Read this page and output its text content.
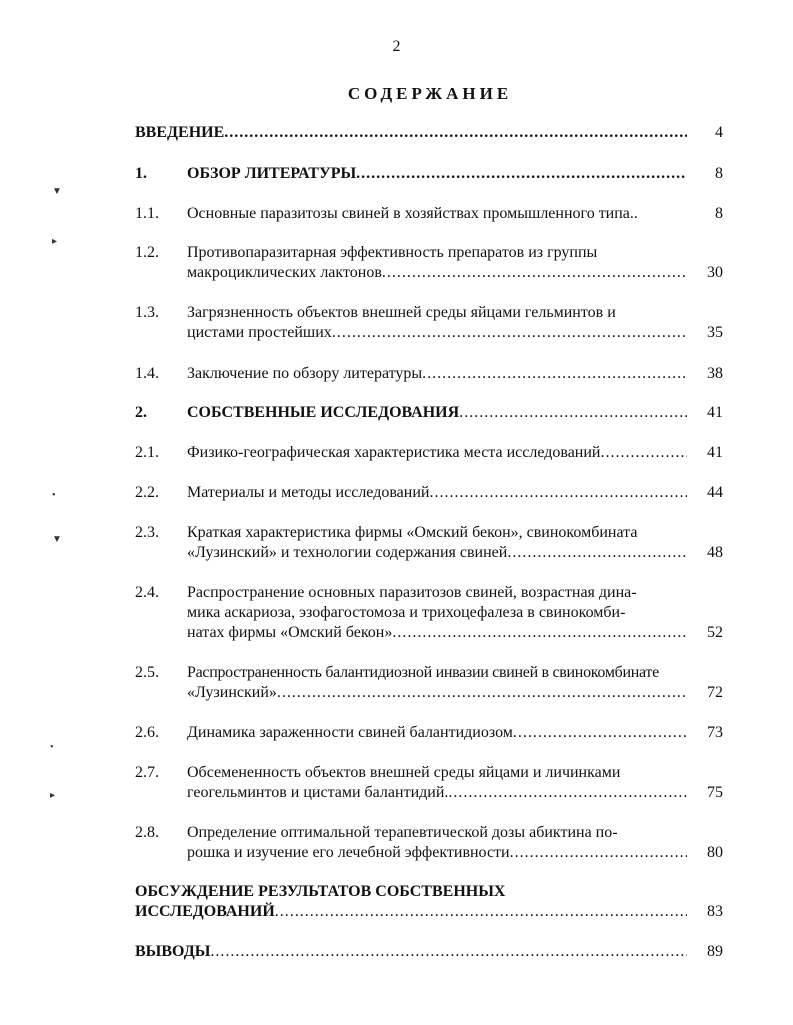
2
СОДЕРЖАНИЕ
ВВЕДЕНИЕ .....	4
1.	ОБЗОР ЛИТЕРАТУРЫ .....	8
1.1.	Основные паразитозы свиней в хозяйствах промышленного типа..	8
1.2.	Противопаразитарная эффективность препаратов из группы
макроциклических лактонов .....	30
1.3.	Загрязненность объектов внешней среды яйцами гельминтов и
цистами простейших .....	35
1.4.	Заключение по обзору литературы .....	38
2.	СОБСТВЕННЫЕ ИССЛЕДОВАНИЯ .....	41
2.1.	Физико-географическая характеристика места исследований .....	41
2.2.	Материалы и методы исследований .....	44
2.3.	Краткая характеристика фирмы «Омский бекон», свинокомбината
«Лузинский» и технологии содержания свиней .....	48
2.4.	Распространение основных паразитозов свиней, возрастная дина-
мика аскариоза, эзофагостомоза и трихоцефалеза в свинокомби-
натах фирмы «Омский бекон» .....	52
2.5.	Распространенность балантидиозной инвазии свиней в свинокомбинате
«Лузинский» .....	72
2.6.	Динамика зараженности свиней балантидиозом .....	73
2.7.	Обсемененность объектов внешней среды яйцами и личинками
геогельминтов и цистами балантидий. .....	75
2.8.	Определение оптимальной терапевтической дозы абиктина по-
рошка и изучение его лечебной эффективности .....	80
ОБСУЖДЕНИЕ РЕЗУЛЬТАТОВ СОБСТВЕННЫХ
ИССЛЕДОВАНИЙ .....	83
ВЫВОДЫ .....	89
▼
▸
•
▼
•
▸
